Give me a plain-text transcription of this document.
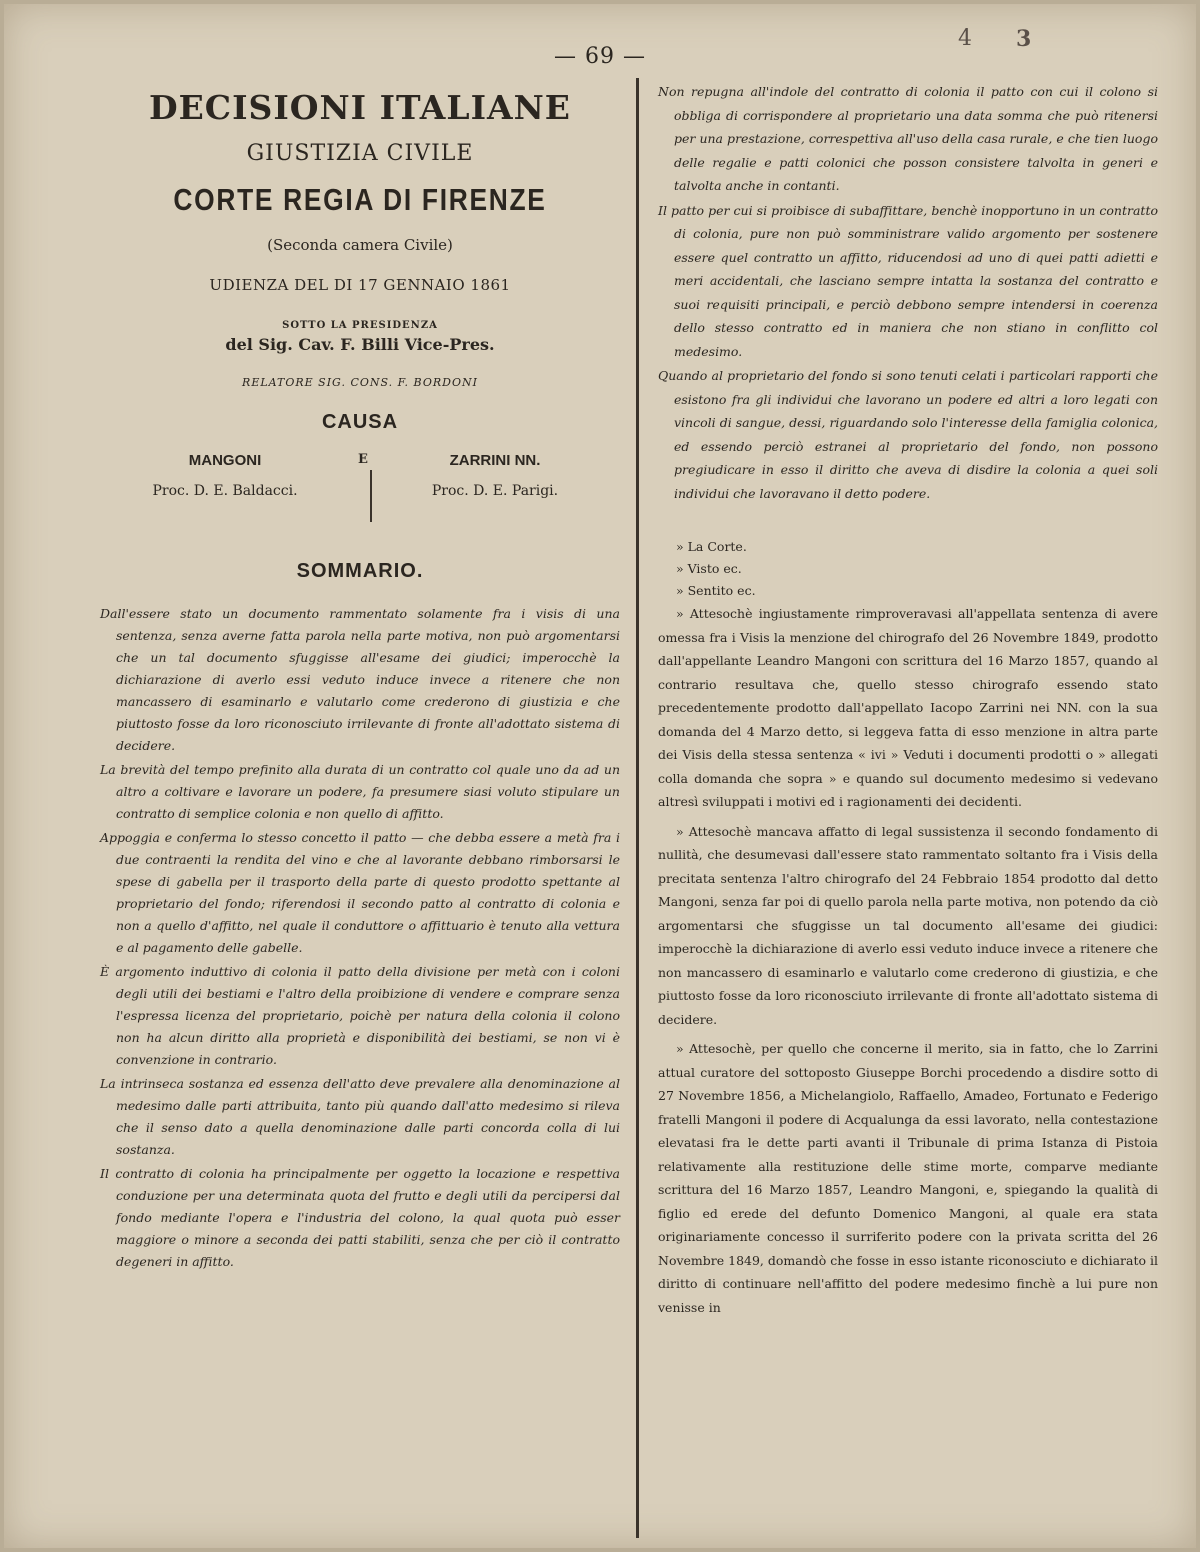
4 3
— 69 —
DECISIONI ITALIANE
GIUSTIZIA CIVILE
CORTE REGIA DI FIRENZE
(Seconda camera Civile)
UDIENZA DEL DI 17 GENNAIO 1861
SOTTO LA PRESIDENZA
del Sig. Cav. F. Billi Vice-Pres.
RELATORE SIG. CONS. F. BORDONI
CAUSA
MANGONI
Proc. D. E. Baldacci.
E	ZARRINI NN.
Proc. D. E. Parigi.
SOMMARIO.

Dall'essere stato un documento rammentato solamente fra i visis di una sentenza, senza averne fatta parola nella parte motiva, non può argomentarsi che un tal documento sfuggisse all'esame dei giudici; imperocchè la dichiarazione di averlo essi veduto induce invece a ritenere che non mancassero di esaminarlo e valutarlo come crederono di giustizia e che piuttosto fosse da loro riconosciuto irrilevante di fronte all'adottato sistema di decidere.

La brevità del tempo prefinito alla durata di un contratto col quale uno da ad un altro a coltivare e lavorare un podere, fa presumere siasi voluto stipulare un contratto di semplice colonia e non quello di affitto.

Appoggia e conferma lo stesso concetto il patto — che debba essere a metà fra i due contraenti la rendita del vino e che al lavorante debbano rimborsarsi le spese di gabella per il trasporto della parte di questo prodotto spettante al proprietario del fondo; riferendosi il secondo patto al contratto di colonia e non a quello d'affitto, nel quale il conduttore o affittuario è tenuto alla vettura e al pagamento delle gabelle.

È argomento induttivo di colonia il patto della divisione per metà con i coloni degli utili dei bestiami e l'altro della proibizione di vendere e comprare senza l'espressa licenza del proprietario, poichè per natura della colonia il colono non ha alcun diritto alla proprietà e disponibilità dei bestiami, se non vi è convenzione in contrario.

La intrinseca sostanza ed essenza dell'atto deve prevalere alla denominazione al medesimo dalle parti attribuita, tanto più quando dall'atto medesimo si rileva che il senso dato a quella denominazione dalle parti concorda colla di lui sostanza.

Il contratto di colonia ha principalmente per oggetto la locazione e respettiva conduzione per una determinata quota del frutto e degli utili da percipersi dal fondo mediante l'opera e l'industria del colono, la qual quota può esser maggiore o minore a seconda dei patti stabiliti, senza che per ciò il contratto degeneri in affitto.

Non repugna all'indole del contratto di colonia il patto con cui il colono si obbliga di corrispondere al proprietario una data somma che può ritenersi per una prestazione, correspettiva all'uso della casa rurale, e che tien luogo delle regalie e patti colonici che posson consistere talvolta in generi e talvolta anche in contanti.

Il patto per cui si proibisce di subaffittare, benchè inopportuno in un contratto di colonia, pure non può somministrare valido argomento per sostenere essere quel contratto un affitto, riducendosi ad uno di quei patti adietti e meri accidentali, che lasciano sempre intatta la sostanza del contratto e suoi requisiti principali, e perciò debbono sempre intendersi in coerenza dello stesso contratto ed in maniera che non stiano in conflitto col medesimo.

Quando al proprietario del fondo si sono tenuti celati i particolari rapporti che esistono fra gli individui che lavorano un podere ed altri a loro legati con vincoli di sangue, dessi, riguardando solo l'interesse della famiglia colonica, ed essendo perciò estranei al proprietario del fondo, non possono pregiudicare in esso il diritto che aveva di disdire la colonia a quei soli individui che lavoravano il detto podere.

» La Corte.

» Visto ec.

» Sentito ec.

» Attesochè ingiustamente rimproveravasi all'appellata sentenza di avere omessa fra i Visis la menzione del chirografo del 26 Novembre 1849, prodotto dall'appellante Leandro Mangoni con scrittura del 16 Marzo 1857, quando al contrario resultava che, quello stesso chirografo essendo stato precedentemente prodotto dall'appellato Iacopo Zarrini nei NN. con la sua domanda del 4 Marzo detto, si leggeva fatta di esso menzione in altra parte dei Visis della stessa sentenza « ivi » Veduti i documenti prodotti o » allegati colla domanda che sopra » e quando sul documento medesimo si vedevano altresì sviluppati i motivi ed i ragionamenti dei decidenti.

» Attesochè mancava affatto di legal sussistenza il secondo fondamento di nullità, che desumevasi dall'essere stato rammentato soltanto fra i Visis della precitata sentenza l'altro chirografo del 24 Febbraio 1854 prodotto dal detto Mangoni, senza far poi di quello parola nella parte motiva, non potendo da ciò argomentarsi che sfuggisse un tal documento all'esame dei giudici: imperocchè la dichiarazione di averlo essi veduto induce invece a ritenere che non mancassero di esaminarlo e valutarlo come crederono di giustizia, e che piuttosto fosse da loro riconosciuto irrilevante di fronte all'adottato sistema di decidere.

» Attesochè, per quello che concerne il merito, sia in fatto, che lo Zarrini attual curatore del sottoposto Giuseppe Borchi procedendo a disdire sotto di 27 Novembre 1856, a Michelangiolo, Raffaello, Amadeo, Fortunato e Federigo fratelli Mangoni il podere di Acqualunga da essi lavorato, nella contestazione elevatasi fra le dette parti avanti il Tribunale di prima Istanza di Pistoia relativamente alla restituzione delle stime morte, comparve mediante scrittura del 16 Marzo 1857, Leandro Mangoni, e, spiegando la qualità di figlio ed erede del defunto Domenico Mangoni, al quale era stata originariamente concesso il surriferito podere con la privata scritta del 26 Novembre 1849, domandò che fosse in esso istante riconosciuto e dichiarato il diritto di continuare nell'affitto del podere medesimo finchè a lui pure non venisse in
